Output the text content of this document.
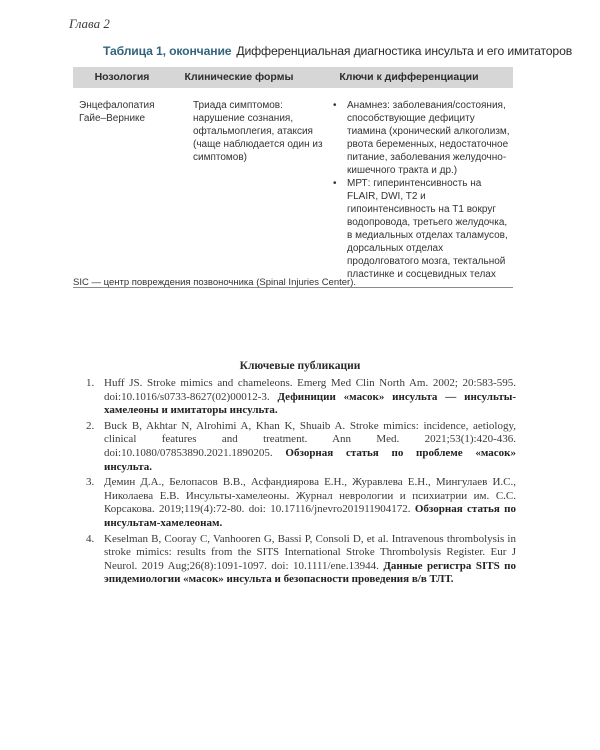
Глава 2
Таблица 1, окончание Дифференциальная диагностика инсульта и его имитаторов
Нозология	Клинические формы	Ключи к дифференциации
Энцефалопатия Гайе–Вернике
Триада симптомов: нарушение сознания, офтальмоплегия, атаксия (чаще наблюдается один из симптомов)
• Анамнез: заболевания/состояния, способствующие дефициту тиамина (хронический алкоголизм, рвота беременных, недостаточное питание, заболевания желудочно-кишечного тракта и др.)
• МРТ: гиперинтенсивность на FLAIR, DWI, T2 и гипоинтенсивность на T1 вокруг водопровода, третьего желудочка, в медиальных отделах таламусов, дорсальных отделах продолговатого мозга, тектальной пластинке и сосцевидных телах
SIC — центр повреждения позвоночника (Spinal Injuries Center).
Ключевые публикации
1. Huff JS. Stroke mimics and chameleons. Emerg Med Clin North Am. 2002; 20:583-595. doi:10.1016/s0733-8627(02)00012-3. Дефиниции «масок» инсульта — инсульты-хамелеоны и имитаторы инсульта.
2. Buck B, Akhtar N, Alrohimi A, Khan K, Shuaib A. Stroke mimics: incidence, aetiology, clinical features and treatment. Ann Med. 2021;53(1):420-436. doi:10.1080/07853890.2021.1890205. Обзорная статья по проблеме «масок» инсульта.
3. Демин Д.А., Белопасов В.В., Асфандиярова Е.Н., Журавлева Е.Н., Мингулаев И.С., Николаева Е.В. Инсульты-хамелеоны. Журнал неврологии и психиатрии им. С.С. Корсакова. 2019;119(4):72-80. doi: 10.17116/jnevro201911904172. Обзорная статья по инсультам-хамелеонам.
4. Keselman B, Cooray C, Vanhooren G, Bassi P, Consoli D, et al. Intravenous thrombolysis in stroke mimics: results from the SITS International Stroke Thrombolysis Register. Eur J Neurol. 2019 Aug;26(8):1091-1097. doi: 10.1111/ene.13944. Данные регистра SITS по эпидемиологии «масок» инсульта и безопасности проведения в/в ТЛТ.
